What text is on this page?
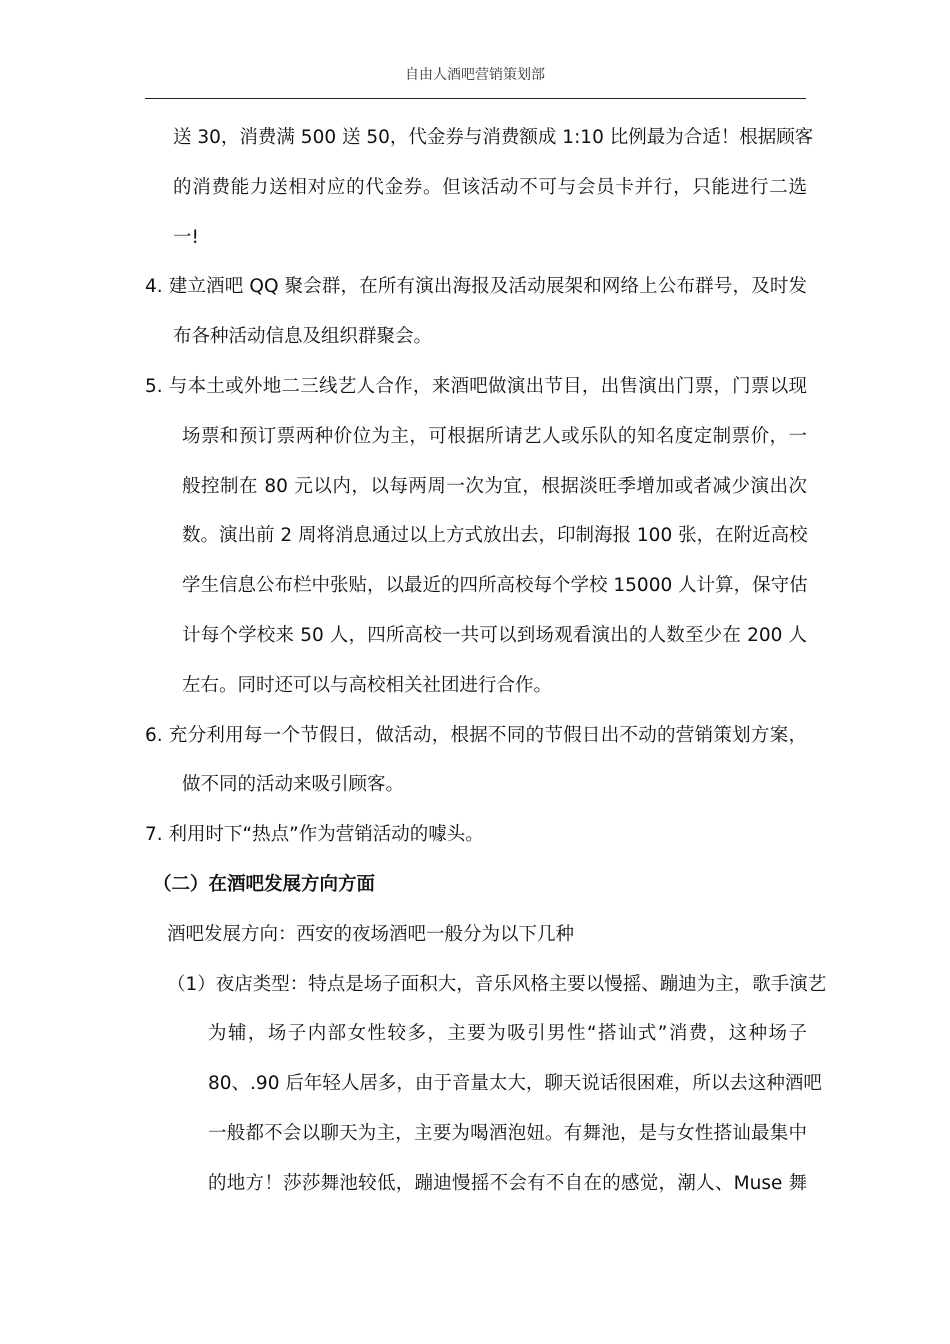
自由人酒吧营销策划部
送 30，消费满 500 送 50，代金券与消费额成 1:10 比例最为合适！根据顾客
的消费能力送相对应的代金券。但该活动不可与会员卡并行，只能进行二选
一!
4. 建立酒吧 QQ 聚会群，在所有演出海报及活动展架和网络上公布群号，及时发
布各种活动信息及组织群聚会。
5. 与本土或外地二三线艺人合作，来酒吧做演出节目，出售演出门票，门票以现
场票和预订票两种价位为主，可根据所请艺人或乐队的知名度定制票价，一
般控制在 80 元以内，以每两周一次为宜，根据淡旺季增加或者减少演出次
数。演出前 2 周将消息通过以上方式放出去，印制海报 100 张，在附近高校
学生信息公布栏中张贴，以最近的四所高校每个学校 15000 人计算，保守估
计每个学校来 50 人，四所高校一共可以到场观看演出的人数至少在 200 人
左右。同时还可以与高校相关社团进行合作。
6. 充分利用每一个节假日，做活动，根据不同的节假日出不动的营销策划方案，
做不同的活动来吸引顾客。
7. 利用时下“热点”作为营销活动的噱头。
（二）在酒吧发展方向方面
酒吧发展方向：西安的夜场酒吧一般分为以下几种
（1）夜店类型：特点是场子面积大，音乐风格主要以慢摇、蹦迪为主，歌手演艺
为辅，场子内部女性较多，主要为吸引男性“搭讪式”消费，这种场子
80、.90 后年轻人居多，由于音量太大，聊天说话很困难，所以去这种酒吧
一般都不会以聊天为主，主要为喝酒泡妞。有舞池，是与女性搭讪最集中
的地方！莎莎舞池较低，蹦迪慢摇不会有不自在的感觉，潮人、Muse 舞
